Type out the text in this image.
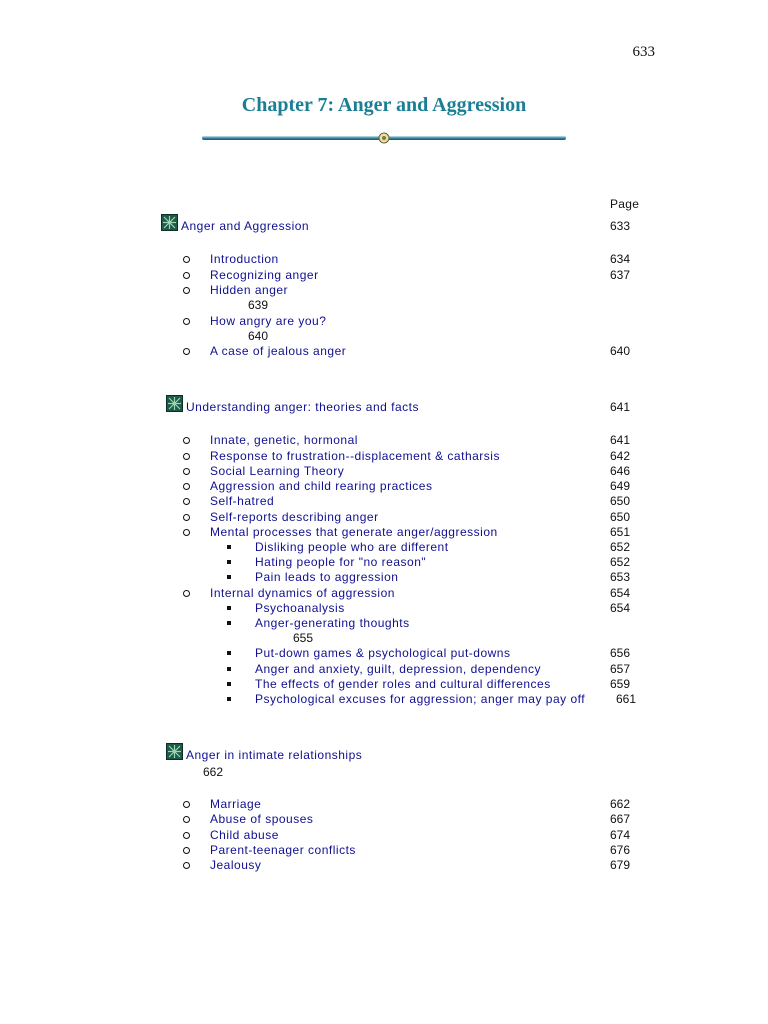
633
Chapter 7: Anger and Aggression
Page
Anger and Aggression	633
Introduction	634
Recognizing anger	637
Hidden anger
639
How angry are you?
640
A case of jealous anger	640
Understanding anger: theories and facts	641
Innate, genetic, hormonal	641
Response to frustration--displacement & catharsis	642
Social Learning Theory	646
Aggression and child rearing practices	649
Self-hatred	650
Self-reports describing anger	650
Mental processes that generate anger/aggression	651
Disliking people who are different	652
Hating people for "no reason"	652
Pain leads to aggression	653
Internal dynamics of aggression	654
Psychoanalysis	654
Anger-generating thoughts
655
Put-down games & psychological put-downs	656
Anger and anxiety, guilt, depression, dependency	657
The effects of gender roles and cultural differences	659
Psychological excuses for aggression; anger may pay off	661
Anger in intimate relationships
662
Marriage	662
Abuse of spouses	667
Child abuse	674
Parent-teenager conflicts	676
Jealousy	679
